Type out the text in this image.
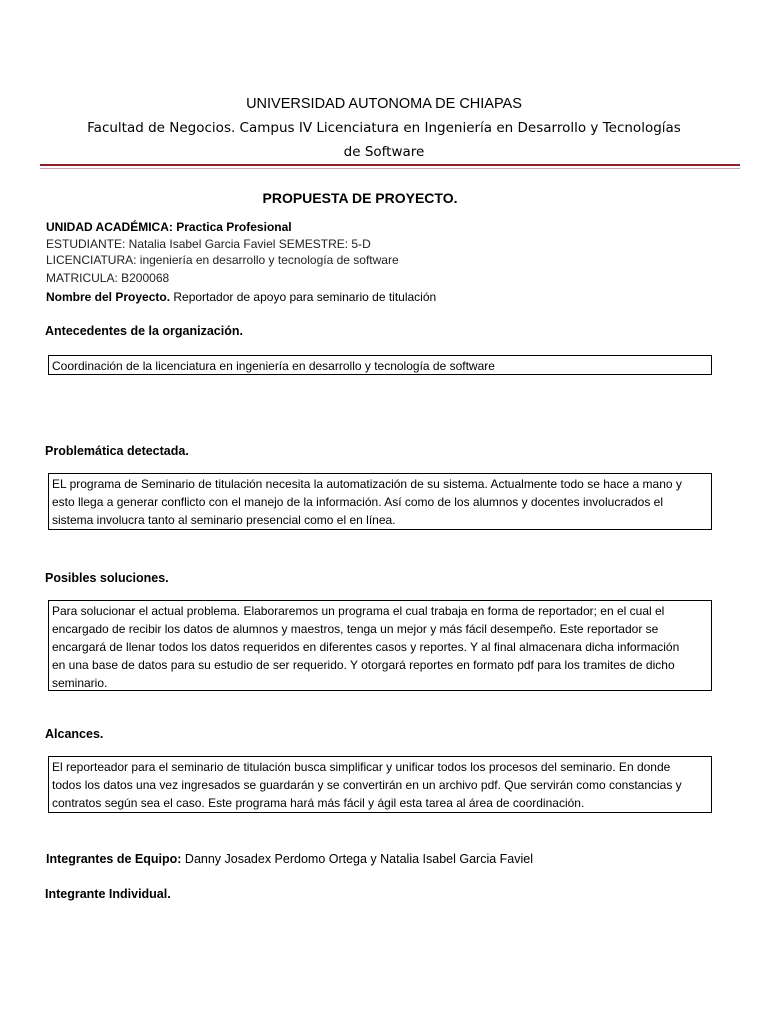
UNIVERSIDAD AUTONOMA DE CHIAPAS
Facultad de Negocios. Campus IV Licenciatura en Ingeniería en Desarrollo y Tecnologías
de Software
PROPUESTA DE PROYECTO.
UNIDAD ACADÉMICA: Practica Profesional
ESTUDIANTE: Natalia Isabel Garcia Faviel SEMESTRE: 5-D
LICENCIATURA: ingeniería en desarrollo y tecnología de software
MATRICULA: B200068
Nombre del Proyecto. Reportador de apoyo para seminario de titulación
Antecedentes de la organización.

Coordinación de la licenciatura en ingeniería en desarrollo y tecnología de software

Problemática detectada.

EL programa de Seminario de titulación necesita la automatización de su sistema. Actualmente todo se hace a mano y

esto llega a generar conflicto con el manejo de la información. Así como de los alumnos y docentes involucrados el

sistema involucra tanto al seminario presencial como el en línea.

Posibles soluciones.

Para solucionar el actual problema. Elaboraremos un programa el cual trabaja en forma de reportador; en el cual el

encargado de recibir los datos de alumnos y maestros, tenga un mejor y más fácil desempeño. Este reportador se

encargará de llenar todos los datos requeridos en diferentes casos y reportes. Y al final almacenara dicha información

en una base de datos para su estudio de ser requerido. Y otorgará reportes en formato pdf para los tramites de dicho

seminario.

Alcances.

El reporteador para el seminario de titulación busca simplificar y unificar todos los procesos del seminario. En donde

todos los datos una vez ingresados se guardarán y se convertirán en un archivo pdf. Que servirán como constancias y

contratos según sea el caso. Este programa hará más fácil y ágil esta tarea al área de coordinación.

Integrantes de Equipo: Danny Josadex Perdomo Ortega y Natalia Isabel Garcia Faviel
Integrante Individual.
